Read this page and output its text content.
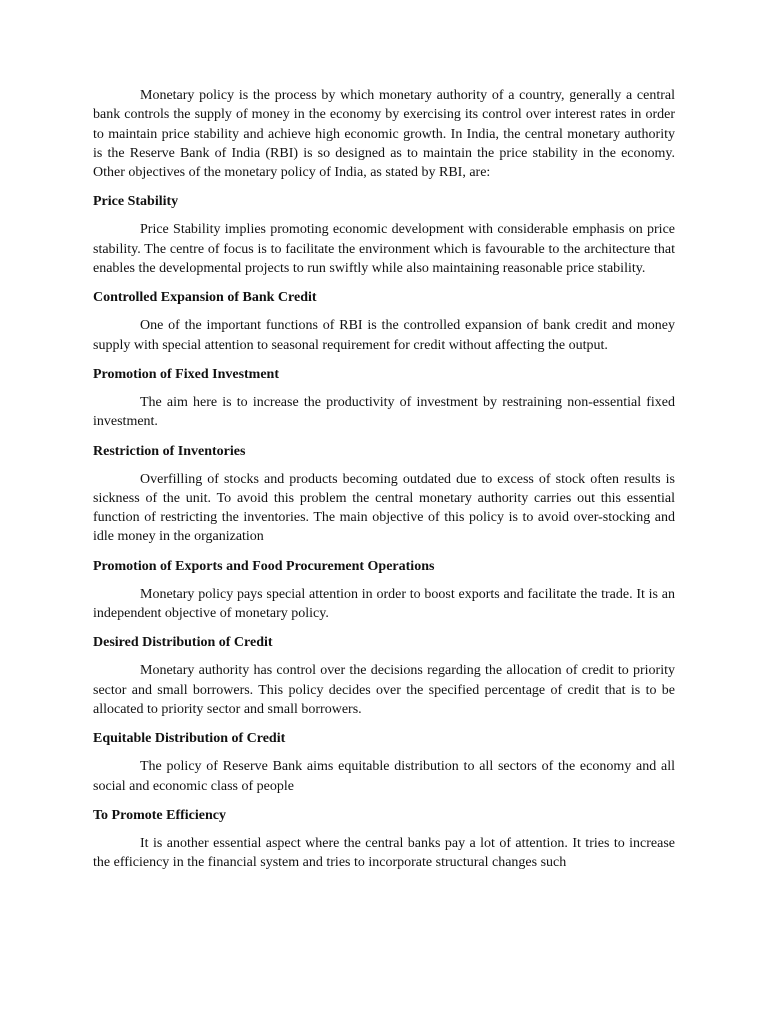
Monetary policy is the process by which monetary authority of a country, generally a central bank controls the supply of money in the economy by exercising its control over interest rates in order to maintain price stability and achieve high economic growth. In India, the central monetary authority is the Reserve Bank of India (RBI) is so designed as to maintain the price stability in the economy. Other objectives of the monetary policy of India, as stated by RBI, are:

Price Stability

Price Stability implies promoting economic development with considerable emphasis on price stability. The centre of focus is to facilitate the environment which is favourable to the architecture that enables the developmental projects to run swiftly while also maintaining reasonable price stability.

Controlled Expansion of Bank Credit

One of the important functions of RBI is the controlled expansion of bank credit and money supply with special attention to seasonal requirement for credit without affecting the output.

Promotion of Fixed Investment

The aim here is to increase the productivity of investment by restraining non-essential fixed investment.

Restriction of Inventories

Overfilling of stocks and products becoming outdated due to excess of stock often results is sickness of the unit. To avoid this problem the central monetary authority carries out this essential function of restricting the inventories. The main objective of this policy is to avoid over-stocking and idle money in the organization

Promotion of Exports and Food Procurement Operations

Monetary policy pays special attention in order to boost exports and facilitate the trade. It is an independent objective of monetary policy.

Desired Distribution of Credit

Monetary authority has control over the decisions regarding the allocation of credit to priority sector and small borrowers. This policy decides over the specified percentage of credit that is to be allocated to priority sector and small borrowers.

Equitable Distribution of Credit

The policy of Reserve Bank aims equitable distribution to all sectors of the economy and all social and economic class of people

To Promote Efficiency

It is another essential aspect where the central banks pay a lot of attention. It tries to increase the efficiency in the financial system and tries to incorporate structural changes such
